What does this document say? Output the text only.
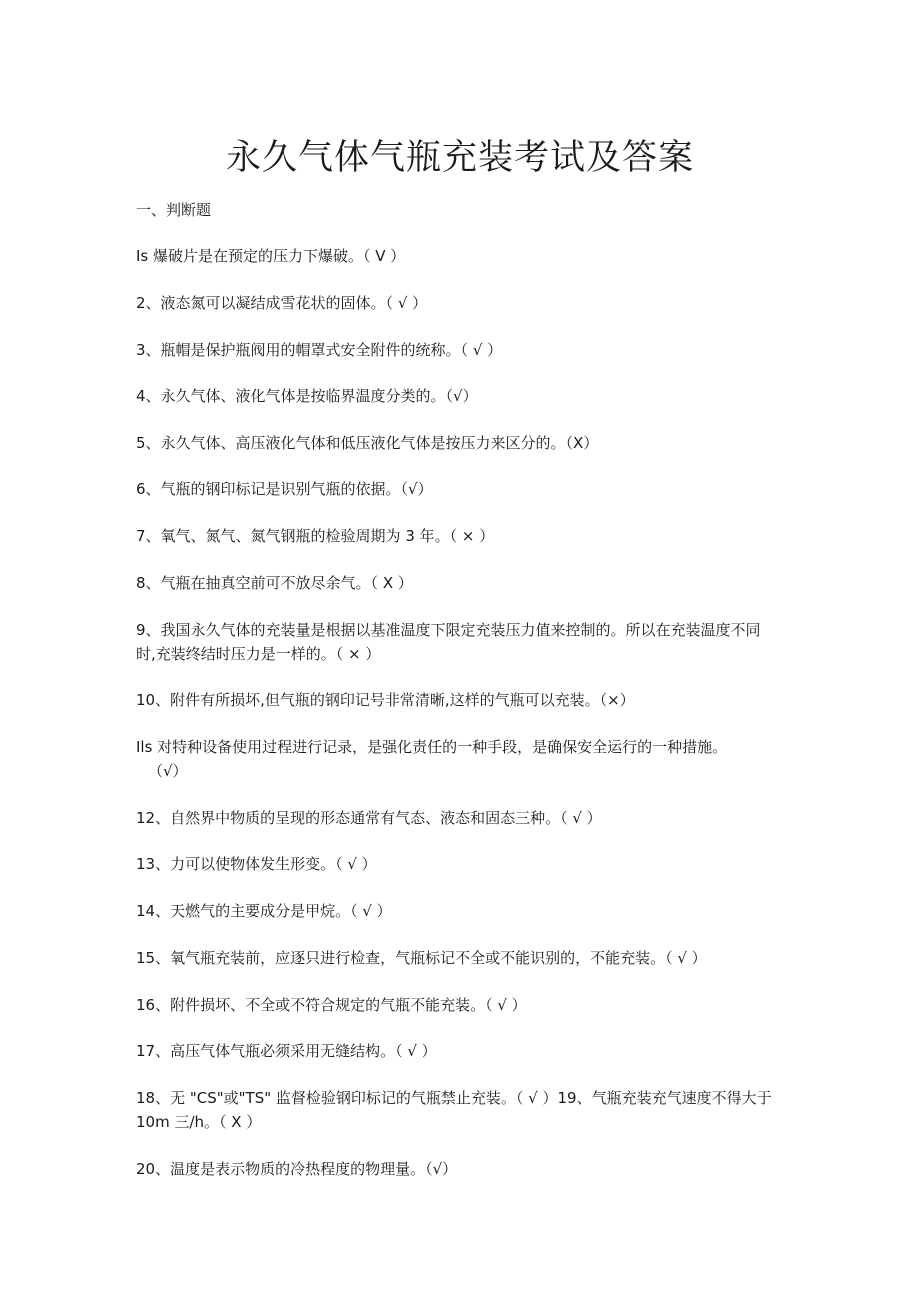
永久气体气瓶充装考试及答案

一、判断题

Is 爆破片是在预定的压力下爆破。（ V ）

2、液态氮可以凝结成雪花状的固体。（ √ ）

3、瓶帽是保护瓶阀用的帽罩式安全附件的统称。（ √ ）

4、永久气体、液化气体是按临界温度分类的。（√）

5、永久气体、高压液化气体和低压液化气体是按压力来区分的。（X）

6、气瓶的钢印标记是识别气瓶的依据。（√）

7、氧气、氮气、氮气钢瓶的检验周期为 3 年。（ × ）

8、气瓶在抽真空前可不放尽余气。（ X ）

9、我国永久气体的充装量是根据以基准温度下限定充装压力值来控制的。所以在充装温度不同
时,充装终结时压力是一样的。（ × ）

10、附件有所损坏,但气瓶的钢印记号非常清晰,这样的气瓶可以充装。（×）

Ils 对特种设备使用过程进行记录，是强化责任的一种手段，是确保安全运行的一种措施。
（√）

12、自然界中物质的呈现的形态通常有气态、液态和固态三种。（ √ ）

13、力可以使物体发生形变。（ √ ）

14、天燃气的主要成分是甲烷。（ √ ）

15、氧气瓶充装前，应逐只进行检查，气瓶标记不全或不能识别的，不能充装。（ √ ）

16、附件损坏、不全或不符合规定的气瓶不能充装。（ √ ）

17、高压气体气瓶必须采用无缝结构。（ √ ）

18、无 "CS"或"TS" 监督检验钢印标记的气瓶禁止充装。（ √ ）19、气瓶充装充气速度不得大于
10m 三/h。（ X ）

20、温度是表示物质的冷热程度的物理量。（√）
